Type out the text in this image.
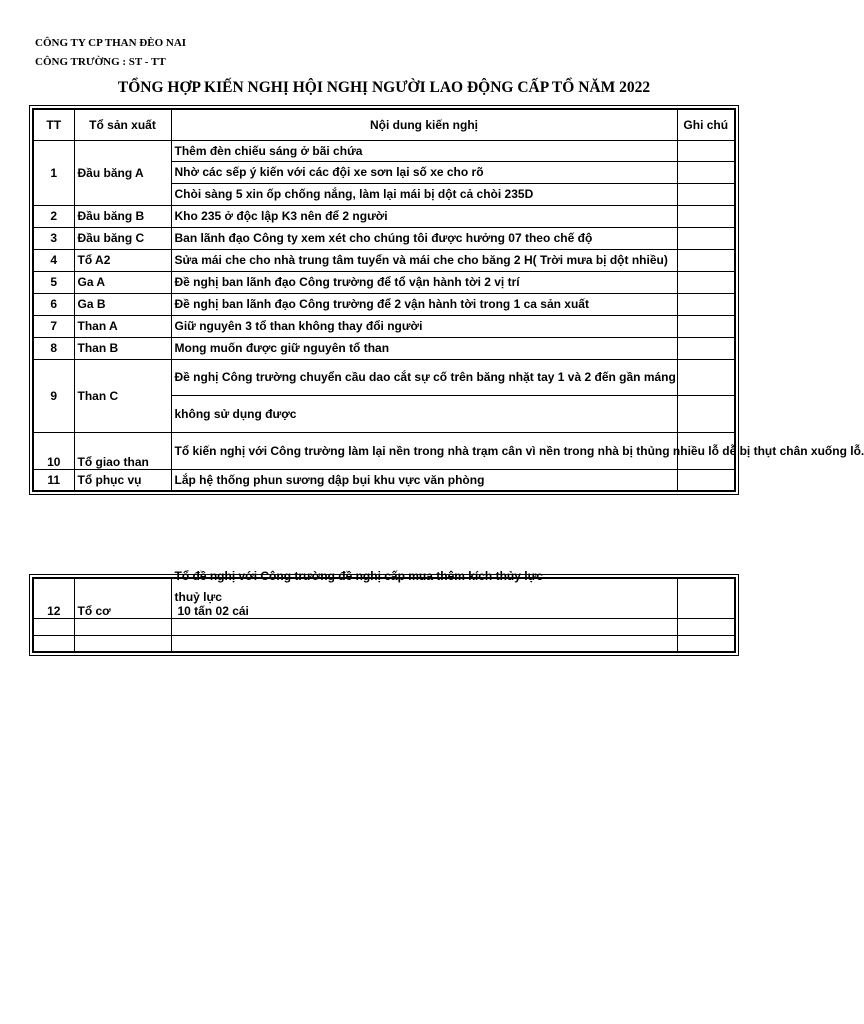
CÔNG TY CP THAN ĐÈO NAI
CÔNG TRƯỜNG : ST - TT
TỔNG HỢP KIẾN NGHỊ HỘI NGHỊ NGƯỜI LAO ĐỘNG CẤP TỔ NĂM 2022
TT	Tổ sản xuất	Nội dung kiến nghị	Ghi chú
1	Đầu băng A	Thêm đèn chiếu sáng ở bãi chứa	
		Nhờ các sếp ý kiến với các đội xe sơn lại số xe cho rõ	
		Chòi sàng 5 xin ốp chống nắng, làm lại mái bị dột cả chòi 235D	
2	Đầu băng B	Kho 235 ở độc lập K3 nên để 2 người	
3	Đầu băng C	Ban lãnh đạo Công ty xem xét cho chúng tôi được hưởng 07 theo chế độ	
4	Tổ A2	Sửa mái che cho nhà trung tâm tuyển và mái che cho băng 2 H( Trời mưa bị dột nhiều)	
5	Ga A	Đề nghị ban lãnh đạo Công trường để tổ vận hành tời 2 vị trí	
6	Ga B	Đề nghị ban lãnh đạo Công trường để 2 vận hành tời trong 1 ca sản xuất	
7	Than A	Giữ nguyên 3 tổ than không thay đổi người	
8	Than B	Mong muốn được giữ nguyên tổ than	
9	Than C	Đề nghị Công trường chuyển cầu dao cắt sự cố trên băng nhặt tay 1 và 2 đến gần máng	
		không sử dụng được	
10	Tổ giao than	Tổ kiến nghị với Công trường làm lại nền trong nhà trạm cân vì nền trong nhà bị thủng nhiều lỗ dễ bị thụt chân xuống lỗ.	
11	Tổ phục vụ	Lắp hệ thống phun sương dập bụi khu vực văn phòng	
12	Tổ cơ	Tổ đề nghị với Công trường đề nghị cấp mua thêm kích thủy lực
thuỷ lực
10 tấn 02 cái	
